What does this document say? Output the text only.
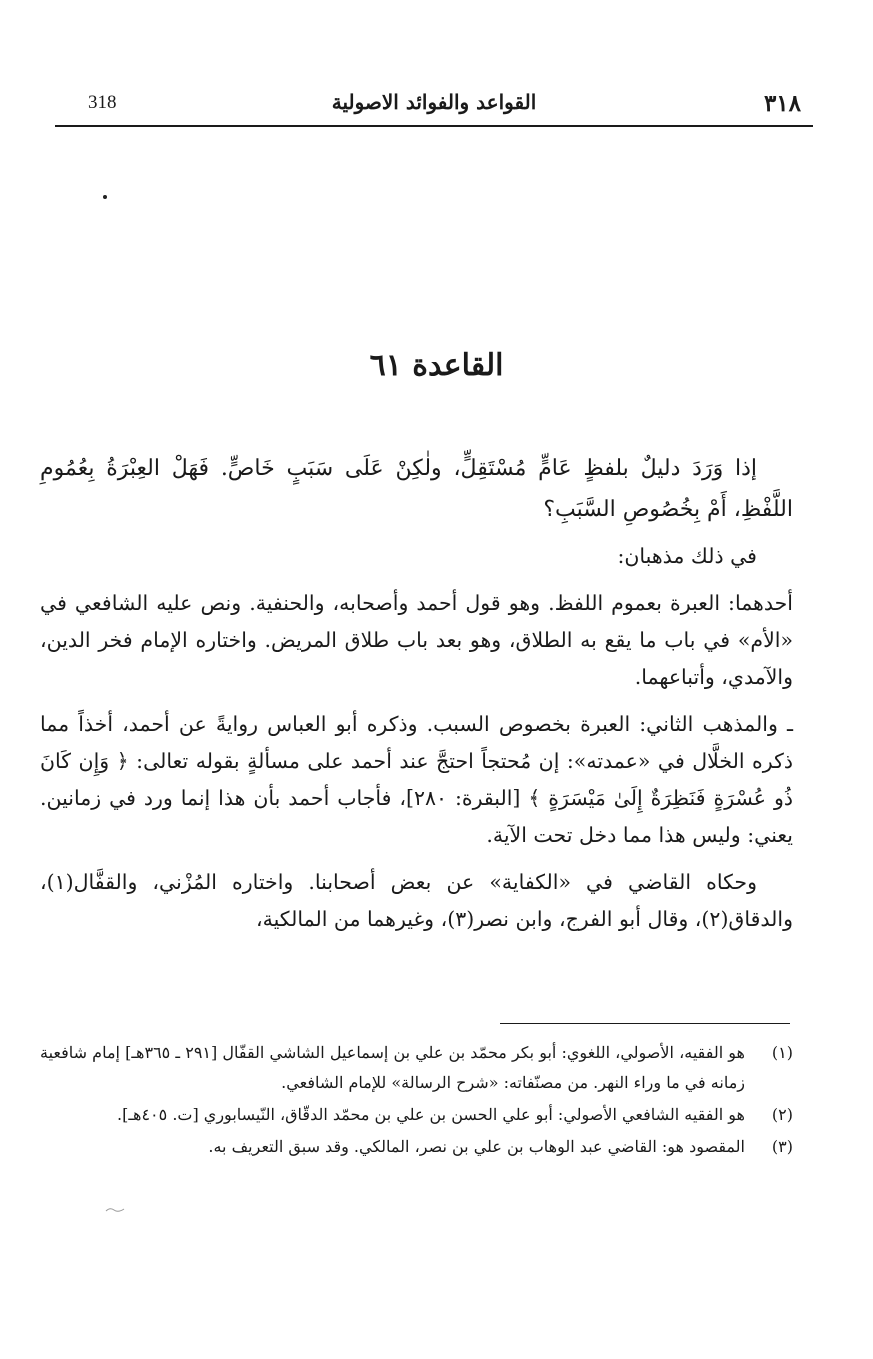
٣١٨
القواعد والفوائد الاصولية
318
القاعدة ٦١

إذا وَرَدَ دليلٌ بلفظٍ عَامٍّ مُسْتَقِلٍّ، ولٰكِنْ عَلَى سَبَبٍ خَاصٍّ. فَهَلْ العِبْرَةُ بِعُمُومِ اللَّفْظِ، أَمْ بِخُصُوصِ السَّبَبِ؟

في ذلك مذهبان:

أحدهما: العبرة بعموم اللفظ. وهو قول أحمد وأصحابه، والحنفية. ونص عليه الشافعي في «الأم» في باب ما يقع به الطلاق، وهو بعد باب طلاق المريض. واختاره الإمام فخر الدين، والآمدي، وأتباعهما.

ـ والمذهب الثاني: العبرة بخصوص السبب. وذكره أبو العباس روايةً عن أحمد، أخذاً مما ذكره الخلَّال في «عمدته»: إن مُحتجاً احتجَّ عند أحمد على مسألةٍ بقوله تعالى: ﴿ وَإِن كَانَ ذُو عُسْرَةٍ فَنَظِرَةٌ إِلَىٰ مَيْسَرَةٍ ﴾ [البقرة: ٢٨٠]، فأجاب أحمد بأن هذا إنما ورد في زمانين. يعني: وليس هذا مما دخل تحت الآية.

وحكاه القاضي في «الكفاية» عن بعض أصحابنا. واختاره المُزْني، والقفَّال(١)، والدقاق(٢)، وقال أبو الفرج، وابن نصر(٣)، وغيرهما من المالكية،

(١)
هو الفقيه، الأصولي، اللغوي: أبو بكر محمّد بن علي بن إسماعيل الشاشي القفّال [٢٩١ ـ ٣٦٥هـ] إمام شافعية زمانه في ما وراء النهر. من مصنّفاته: «شرح الرسالة» للإمام الشافعي.
(٢)
هو الفقيه الشافعي الأصولي: أبو علي الحسن بن علي بن محمّد الدقّاق، النّيسابوري [ت. ٤٠٥هـ].
(٣)
المقصود هو: القاضي عبد الوهاب بن علي بن نصر، المالكي. وقد سبق التعريف به.
